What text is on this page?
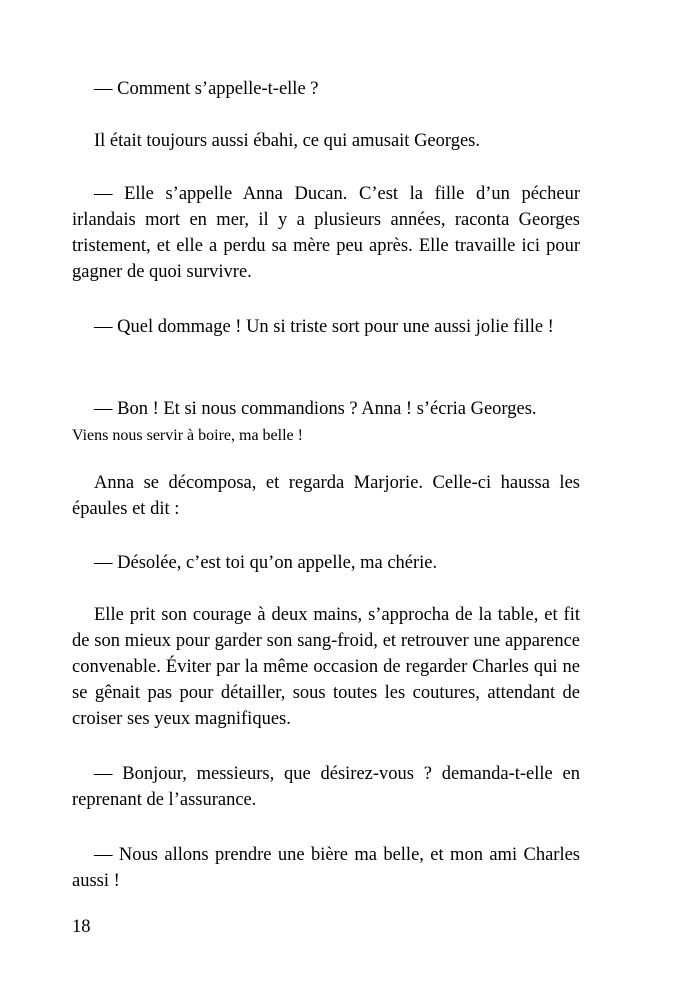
— Comment s’appelle-t-elle ?

Il était toujours aussi ébahi, ce qui amusait Georges.

— Elle s’appelle Anna Ducan. C’est la fille d’un pécheur irlandais mort en mer, il y a plusieurs années, raconta Georges tristement, et elle a perdu sa mère peu après. Elle travaille ici pour gagner de quoi survivre.

— Quel dommage ! Un si triste sort pour une aussi jolie fille !

— Bon ! Et si nous commandions ? Anna ! s’écria Georges.
Viens nous servir à boire, ma belle !

Anna se décomposa, et regarda Marjorie. Celle-ci haussa les épaules et dit :

— Désolée, c’est toi qu’on appelle, ma chérie.

Elle prit son courage à deux mains, s’approcha de la table, et fit de son mieux pour garder son sang-froid, et retrouver une apparence convenable. Éviter par la même occasion de regarder Charles qui ne se gênait pas pour détailler, sous toutes les coutures, attendant de croiser ses yeux magnifiques.

— Bonjour, messieurs, que désirez-vous ? demanda-t-elle en reprenant de l’assurance.

— Nous allons prendre une bière ma belle, et mon ami Charles aussi !

18
